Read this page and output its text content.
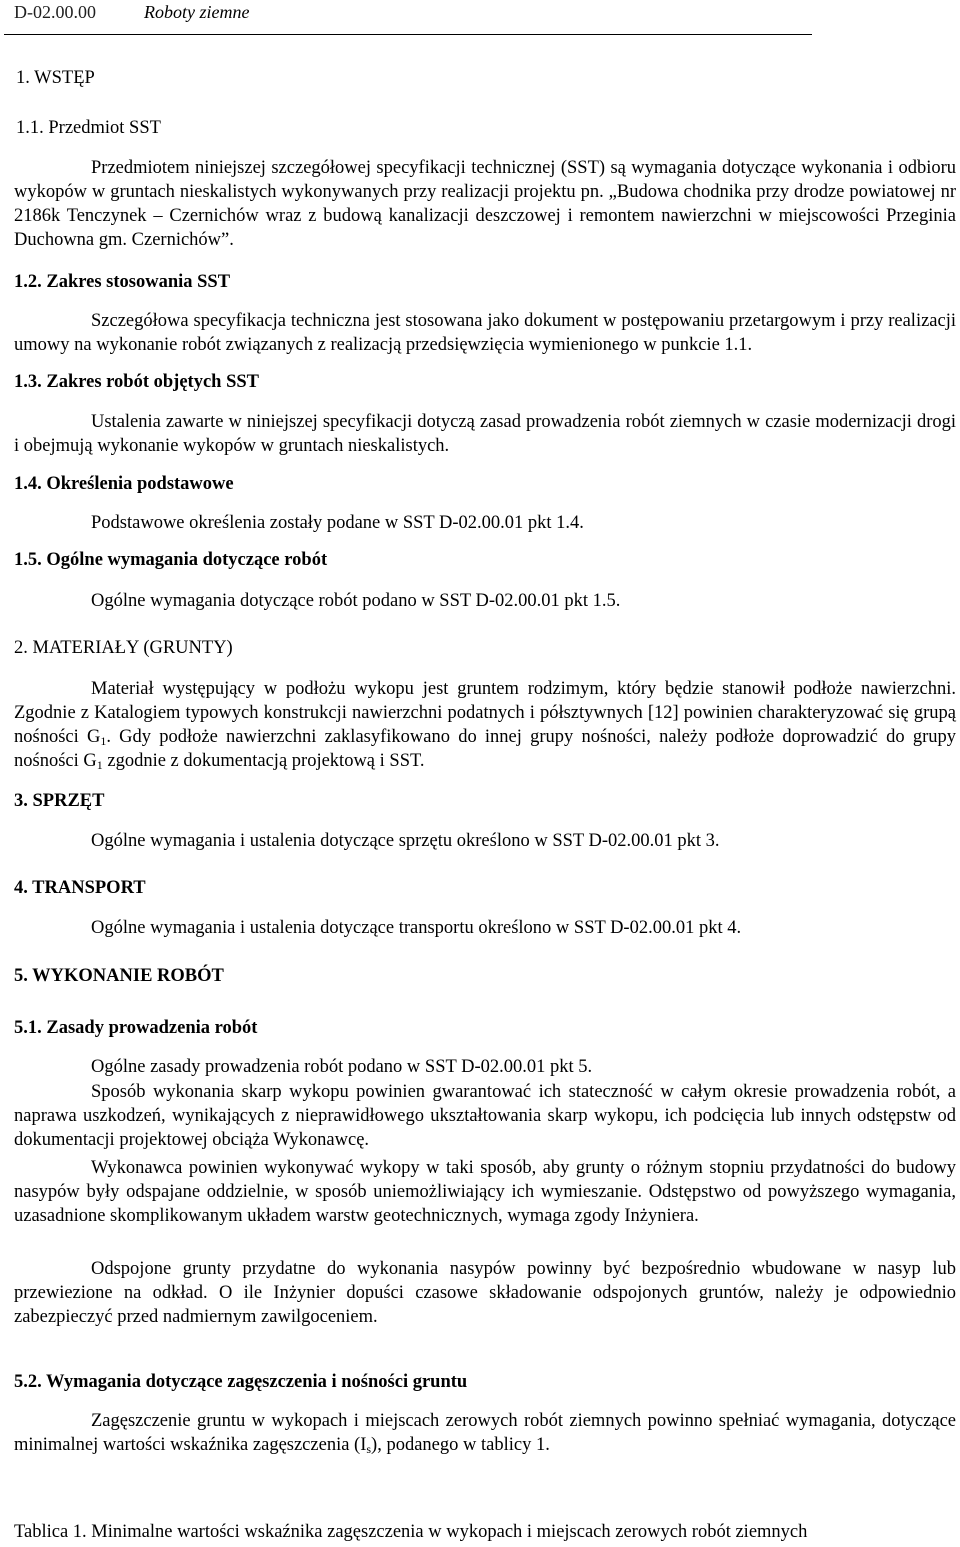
D-02.00.00	Roboty ziemne
1. WSTĘP
1.1. Przedmiot SST

Przedmiotem niniejszej szczegółowej specyfikacji technicznej (SST) są wymagania dotyczące wykonania i odbioru wykopów w gruntach nieskalistych wykonywanych przy realizacji projektu pn. „Budowa chodnika przy drodze powiatowej nr 2186k Tenczynek – Czernichów wraz z budową kanalizacji deszczowej i remontem nawierzchni w miejscowości Przeginia Duchowna gm. Czernichów”.

1.2. Zakres stosowania SST

Szczegółowa specyfikacja techniczna jest stosowana jako dokument w postępowaniu przetargowym i przy realizacji umowy na wykonanie robót związanych z realizacją przedsięwzięcia wymienionego w punkcie 1.1.

1.3. Zakres robót objętych SST

Ustalenia zawarte w niniejszej specyfikacji dotyczą zasad prowadzenia robót ziemnych w czasie modernizacji drogi i obejmują wykonanie wykopów w gruntach nieskalistych.

1.4. Określenia podstawowe
Podstawowe określenia zostały podane w SST D-02.00.01 pkt 1.4.
1.5. Ogólne wymagania dotyczące robót
Ogólne wymagania dotyczące robót podano w SST D-02.00.01 pkt 1.5.
2. MATERIAŁY (GRUNTY)

Materiał występujący w podłożu wykopu jest gruntem rodzimym, który będzie stanowił podłoże nawierzchni. Zgodnie z Katalogiem typowych konstrukcji nawierzchni podatnych i półsztywnych [12] powinien charakteryzować się grupą nośności $G_1$. Gdy podłoże nawierzchni zaklasyfikowano do innej grupy nośności, należy podłoże doprowadzić do grupy nośności $G_1$ zgodnie z dokumentacją projektową i SST.

3. SPRZĘT
Ogólne wymagania i ustalenia dotyczące sprzętu określono w SST D-02.00.01 pkt 3.
4. TRANSPORT
Ogólne wymagania i ustalenia dotyczące transportu określono w SST D-02.00.01 pkt 4.
5. WYKONANIE ROBÓT
5.1. Zasady prowadzenia robót
Ogólne zasady prowadzenia robót podano w SST D-02.00.01 pkt 5.

Sposób wykonania skarp wykopu powinien gwarantować ich stateczność w całym okresie prowadzenia robót, a naprawa uszkodzeń, wynikających z nieprawidłowego ukształtowania skarp wykopu, ich podcięcia lub innych odstępstw od dokumentacji projektowej obciąża Wykonawcę.

Wykonawca powinien wykonywać wykopy w taki sposób, aby grunty o różnym stopniu przydatności do budowy nasypów były odspajane oddzielnie, w sposób uniemożliwiający ich wymieszanie. Odstępstwo od powyższego wymagania, uzasadnione skomplikowanym układem warstw geotechnicznych, wymaga zgody Inżyniera.

Odspojone grunty przydatne do wykonania nasypów powinny być bezpośrednio wbudowane w nasyp lub przewiezione na odkład. O ile Inżynier dopuści czasowe składowanie odspojonych gruntów, należy je odpowiednio zabezpieczyć przed nadmiernym zawilgoceniem.

5.2. Wymagania dotyczące zagęszczenia i nośności gruntu

Zagęszczenie gruntu w wykopach i miejscach zerowych robót ziemnych powinno spełniać wymagania, dotyczące minimalnej wartości wskaźnika zagęszczenia $(I_s)$, podanego w tablicy 1.

Tablica 1. Minimalne wartości wskaźnika zagęszczenia w wykopach i miejscach zerowych robót ziemnych
